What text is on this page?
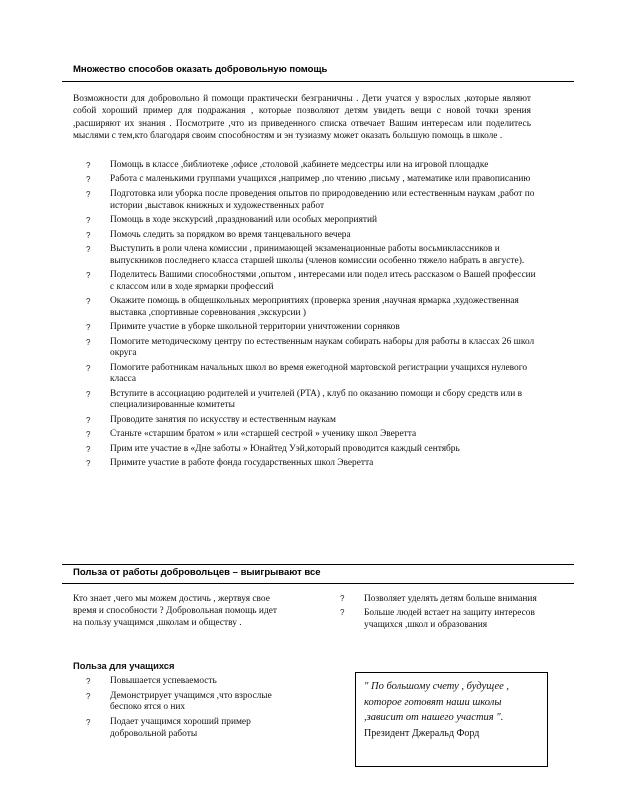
Множество способов оказать добровольную помощь
Возможности для добровольно й помощи практически безграничны . Дети учатся у взрослых ,которые являют собой хороший пример для подражания , которые позволяют детям увидеть вещи с новой точки зрения ,расширяют их знания . Посмотрите ,что из приведенного списка отвечает Вашим интересам или поделитесь мыслями с тем,кто благодаря своим способностям и эн тузиазму может оказать большую помощь в школе .
? Помощь в классе ,библиотеке ,офисе ,столовой ,кабинете медсестры или на игровой площадке
? Работа с маленькими группами учащихся ,например ,по чтению ,письму , математике или правописанию
? Подготовка или уборка после проведения опытов по природоведению или естественным наукам ,работ по истории ,выставок книжных и художественных работ
? Помощь в ходе экскурсий ,празднований или особых мероприятий
? Помочь следить за порядком во время танцевального вечера
? Выступить в роли члена комиссии , принимающей экзаменационные работы восьмиклассников и выпускников последнего класса старшей школы (членов комиссии особенно тяжело набрать в августе).
? Поделитесь Вашими способностями ,опытом , интересами или подел итесь рассказом о Вашей профессии с классом или в ходе ярмарки профессий
? Окажите помощь в общешкольных мероприятиях (проверка зрения ,научная ярмарка ,художественная выставка ,спортивные соревнования ,экскурсии )
? Примите участие в уборке школьной территории уничтожении сорняков
? Помогите методическому центру по естественным наукам собирать наборы для работы в классах 26 школ округа
? Помогите работникам начальных школ во время ежегодной мартовской регистрации учащихся нулевого класса
? Вступите в ассоциацию родителей и учителей (PTA) , клуб по оказанию помощи и сбору средств или в специализированные комитеты
? Проводите занятия по искусству и естественным наукам
? Станьте «старшим братом » или «старшей сестрой » ученику школ Эверетта
? Прим ите участие в «Дне заботы » Юнайтед Уэй,который проводится каждый сентябрь
? Примите участие в работе фонда государственных школ Эверетта
Польза от работы добровольцев – выигрывают все
Кто знает ,чего мы можем достичь , жертвуя свое время и способности ? Добровольная помощь идет на пользу учащимся ,школам и обществу .
Польза для учащихся
? Повышается успеваемость
? Демонстрирует учащимся ,что взрослые беспоко ятся о них
? Подает учащимся хороший пример добровольной работы
? Позволяет уделять детям больше внимания
? Больше людей встает на защиту интересов учащихся ,школ и образования
" По большому счету , будущее , которое готовят наши школы ,зависит от нашего участия ".
Президент Джеральд Форд
